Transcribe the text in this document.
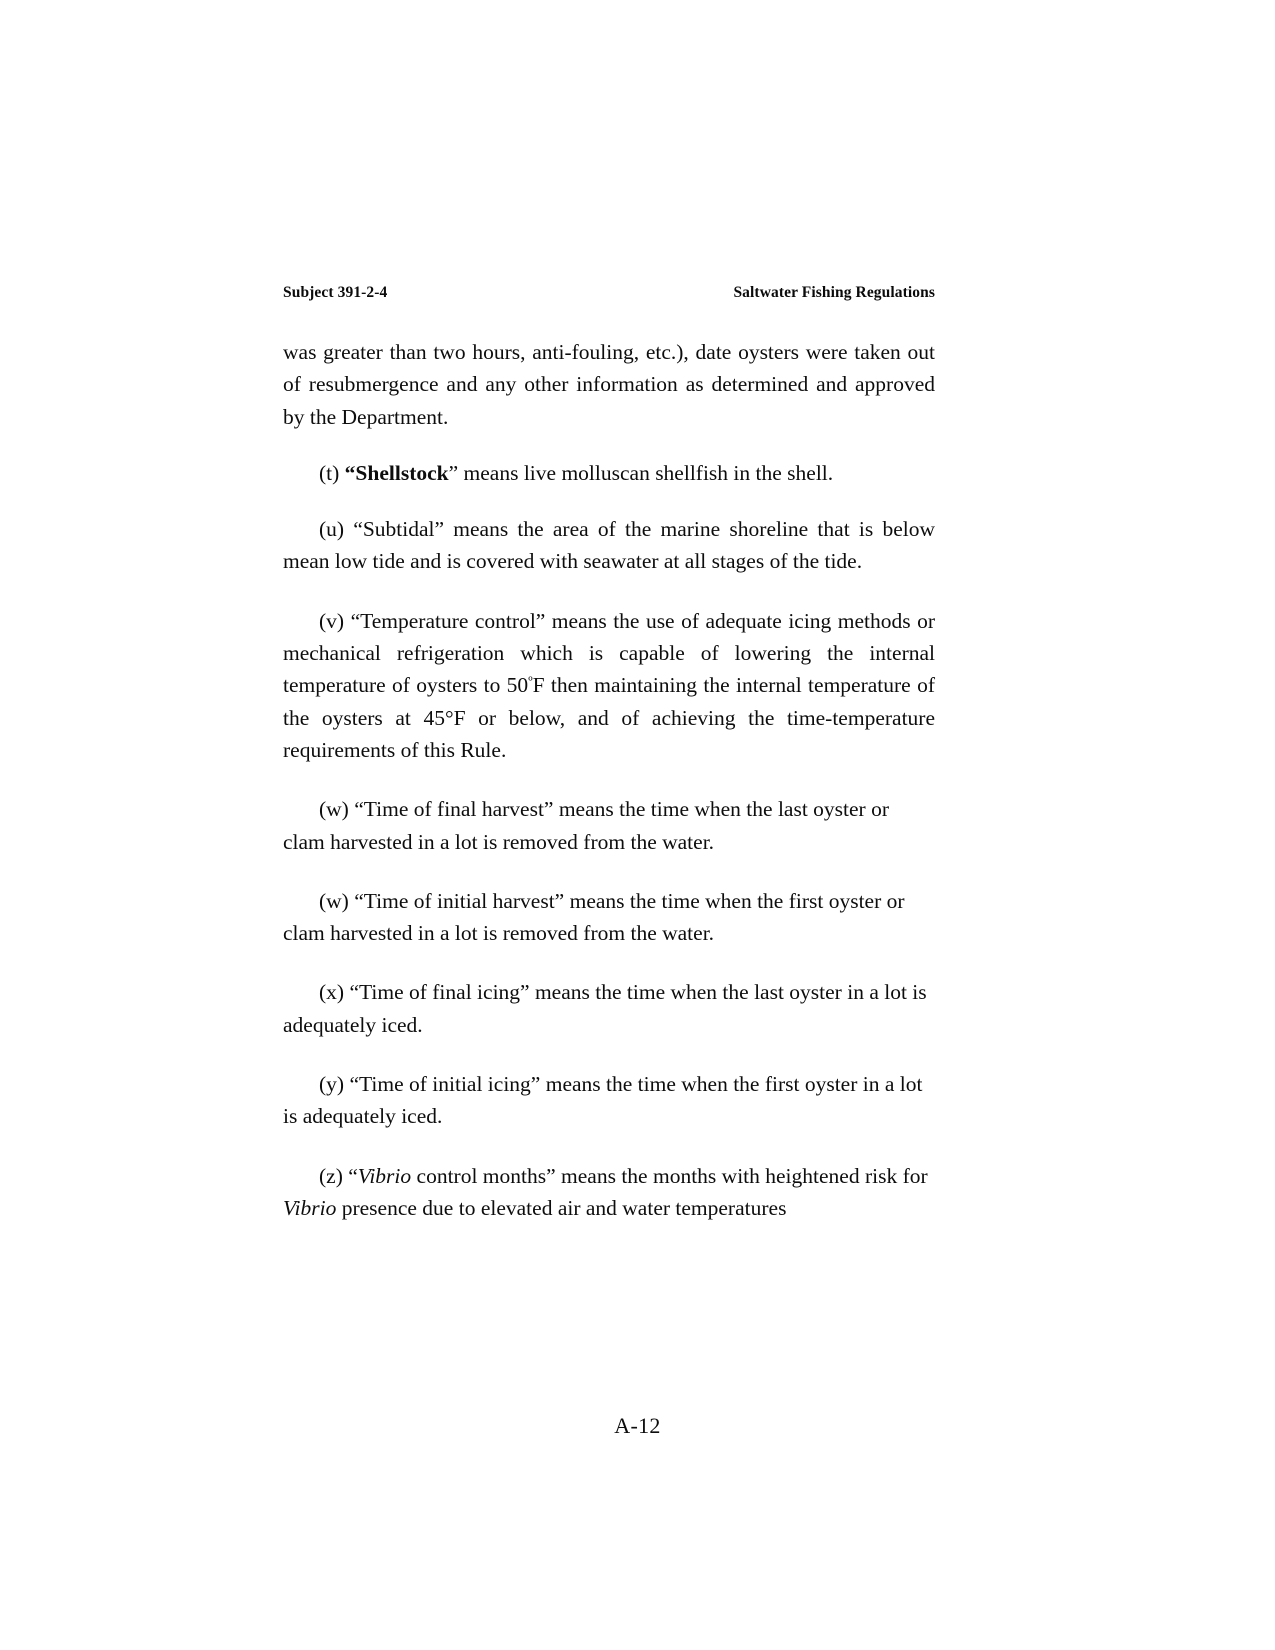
Subject 391-2-4	Saltwater Fishing Regulations

was greater than two hours, anti-fouling, etc.), date oysters were taken out of resubmergence and any other information as determined and approved by the Department.

(t) “Shellstock” means live molluscan shellfish in the shell.

(u) “Subtidal” means the area of the marine shoreline that is below mean low tide and is covered with seawater at all stages of the tide.

(v) “Temperature control” means the use of adequate icing methods or mechanical refrigeration which is capable of lowering the internal temperature of oysters to $50^ºF$ then maintaining the internal temperature of the oysters at 45°F or below, and of achieving the time-temperature requirements of this Rule.

(w) “Time of final harvest” means the time when the last oyster or clam harvested in a lot is removed from the water.

(w) “Time of initial harvest” means the time when the first oyster or clam harvested in a lot is removed from the water.

(x) “Time of final icing” means the time when the last oyster in a lot is adequately iced.

(y) “Time of initial icing” means the time when the first oyster in a lot is adequately iced.

(z) “Vibrio control months” means the months with heightened risk for Vibrio presence due to elevated air and water temperatures

A-12
